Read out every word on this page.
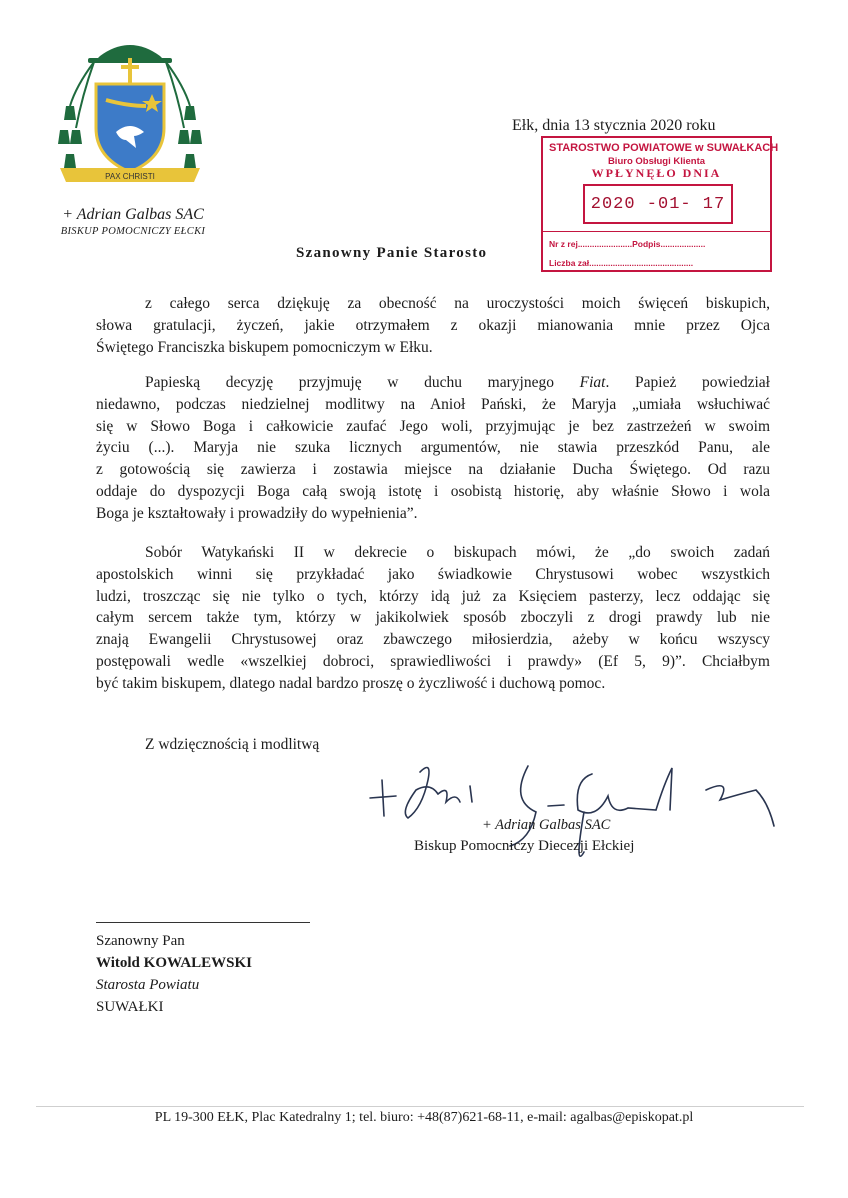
PAX CHRISTI
+ Adrian Galbas SAC
BISKUP POMOCNICZY EŁCKI
Ełk, dnia 13 stycznia 2020 roku
STAROSTWO POWIATOWE w SUWAŁKACH
Biuro Obsługi Klienta
WPŁYNĘŁO DNIA
2020 -01- 17
Nr z rej.......................Podpis...................
Liczba zał............................................
Szanowny Panie Starosto
z całego serca dziękuję za obecność na uroczystości moich święceń biskupich,
słowa gratulacji, życzeń, jakie otrzymałem z okazji mianowania mnie przez Ojca
Świętego Franciszka biskupem pomocniczym w Ełku.
Papieską decyzję przyjmuję w duchu maryjnego Fiat. Papież powiedział
niedawno, podczas niedzielnej modlitwy na Anioł Pański, że Maryja „umiała wsłuchiwać
się w Słowo Boga i całkowicie zaufać Jego woli, przyjmując je bez zastrzeżeń w swoim
życiu (...). Maryja nie szuka licznych argumentów, nie stawia przeszkód Panu, ale
z gotowością się zawierza i zostawia miejsce na działanie Ducha Świętego. Od razu
oddaje do dyspozycji Boga całą swoją istotę i osobistą historię, aby właśnie Słowo i wola
Boga je kształtowały i prowadziły do wypełnienia”.
Sobór Watykański II w dekrecie o biskupach mówi, że „do swoich zadań
apostolskich winni się przykładać jako świadkowie Chrystusowi wobec wszystkich
ludzi, troszcząc się nie tylko o tych, którzy idą już za Księciem pasterzy, lecz oddając się
całym sercem także tym, którzy w jakikolwiek sposób zboczyli z drogi prawdy lub nie
znają Ewangelii Chrystusowej oraz zbawczego miłosierdzia, ażeby w końcu wszyscy
postępowali wedle «wszelkiej dobroci, sprawiedliwości i prawdy» (Ef 5, 9)”. Chciałbym
być takim biskupem, dlatego nadal bardzo proszę o życzliwość i duchową pomoc.
Z wdzięcznością i modlitwą
+ Adrian Galbas SAC
Biskup Pomocniczy Diecezji Ełckiej
Szanowny Pan
Witold KOWALEWSKI
Starosta Powiatu
SUWAŁKI
PL 19-300 EŁK, Plac Katedralny 1; tel. biuro: +48(87)621-68-11, e-mail: agalbas@episkopat.pl
